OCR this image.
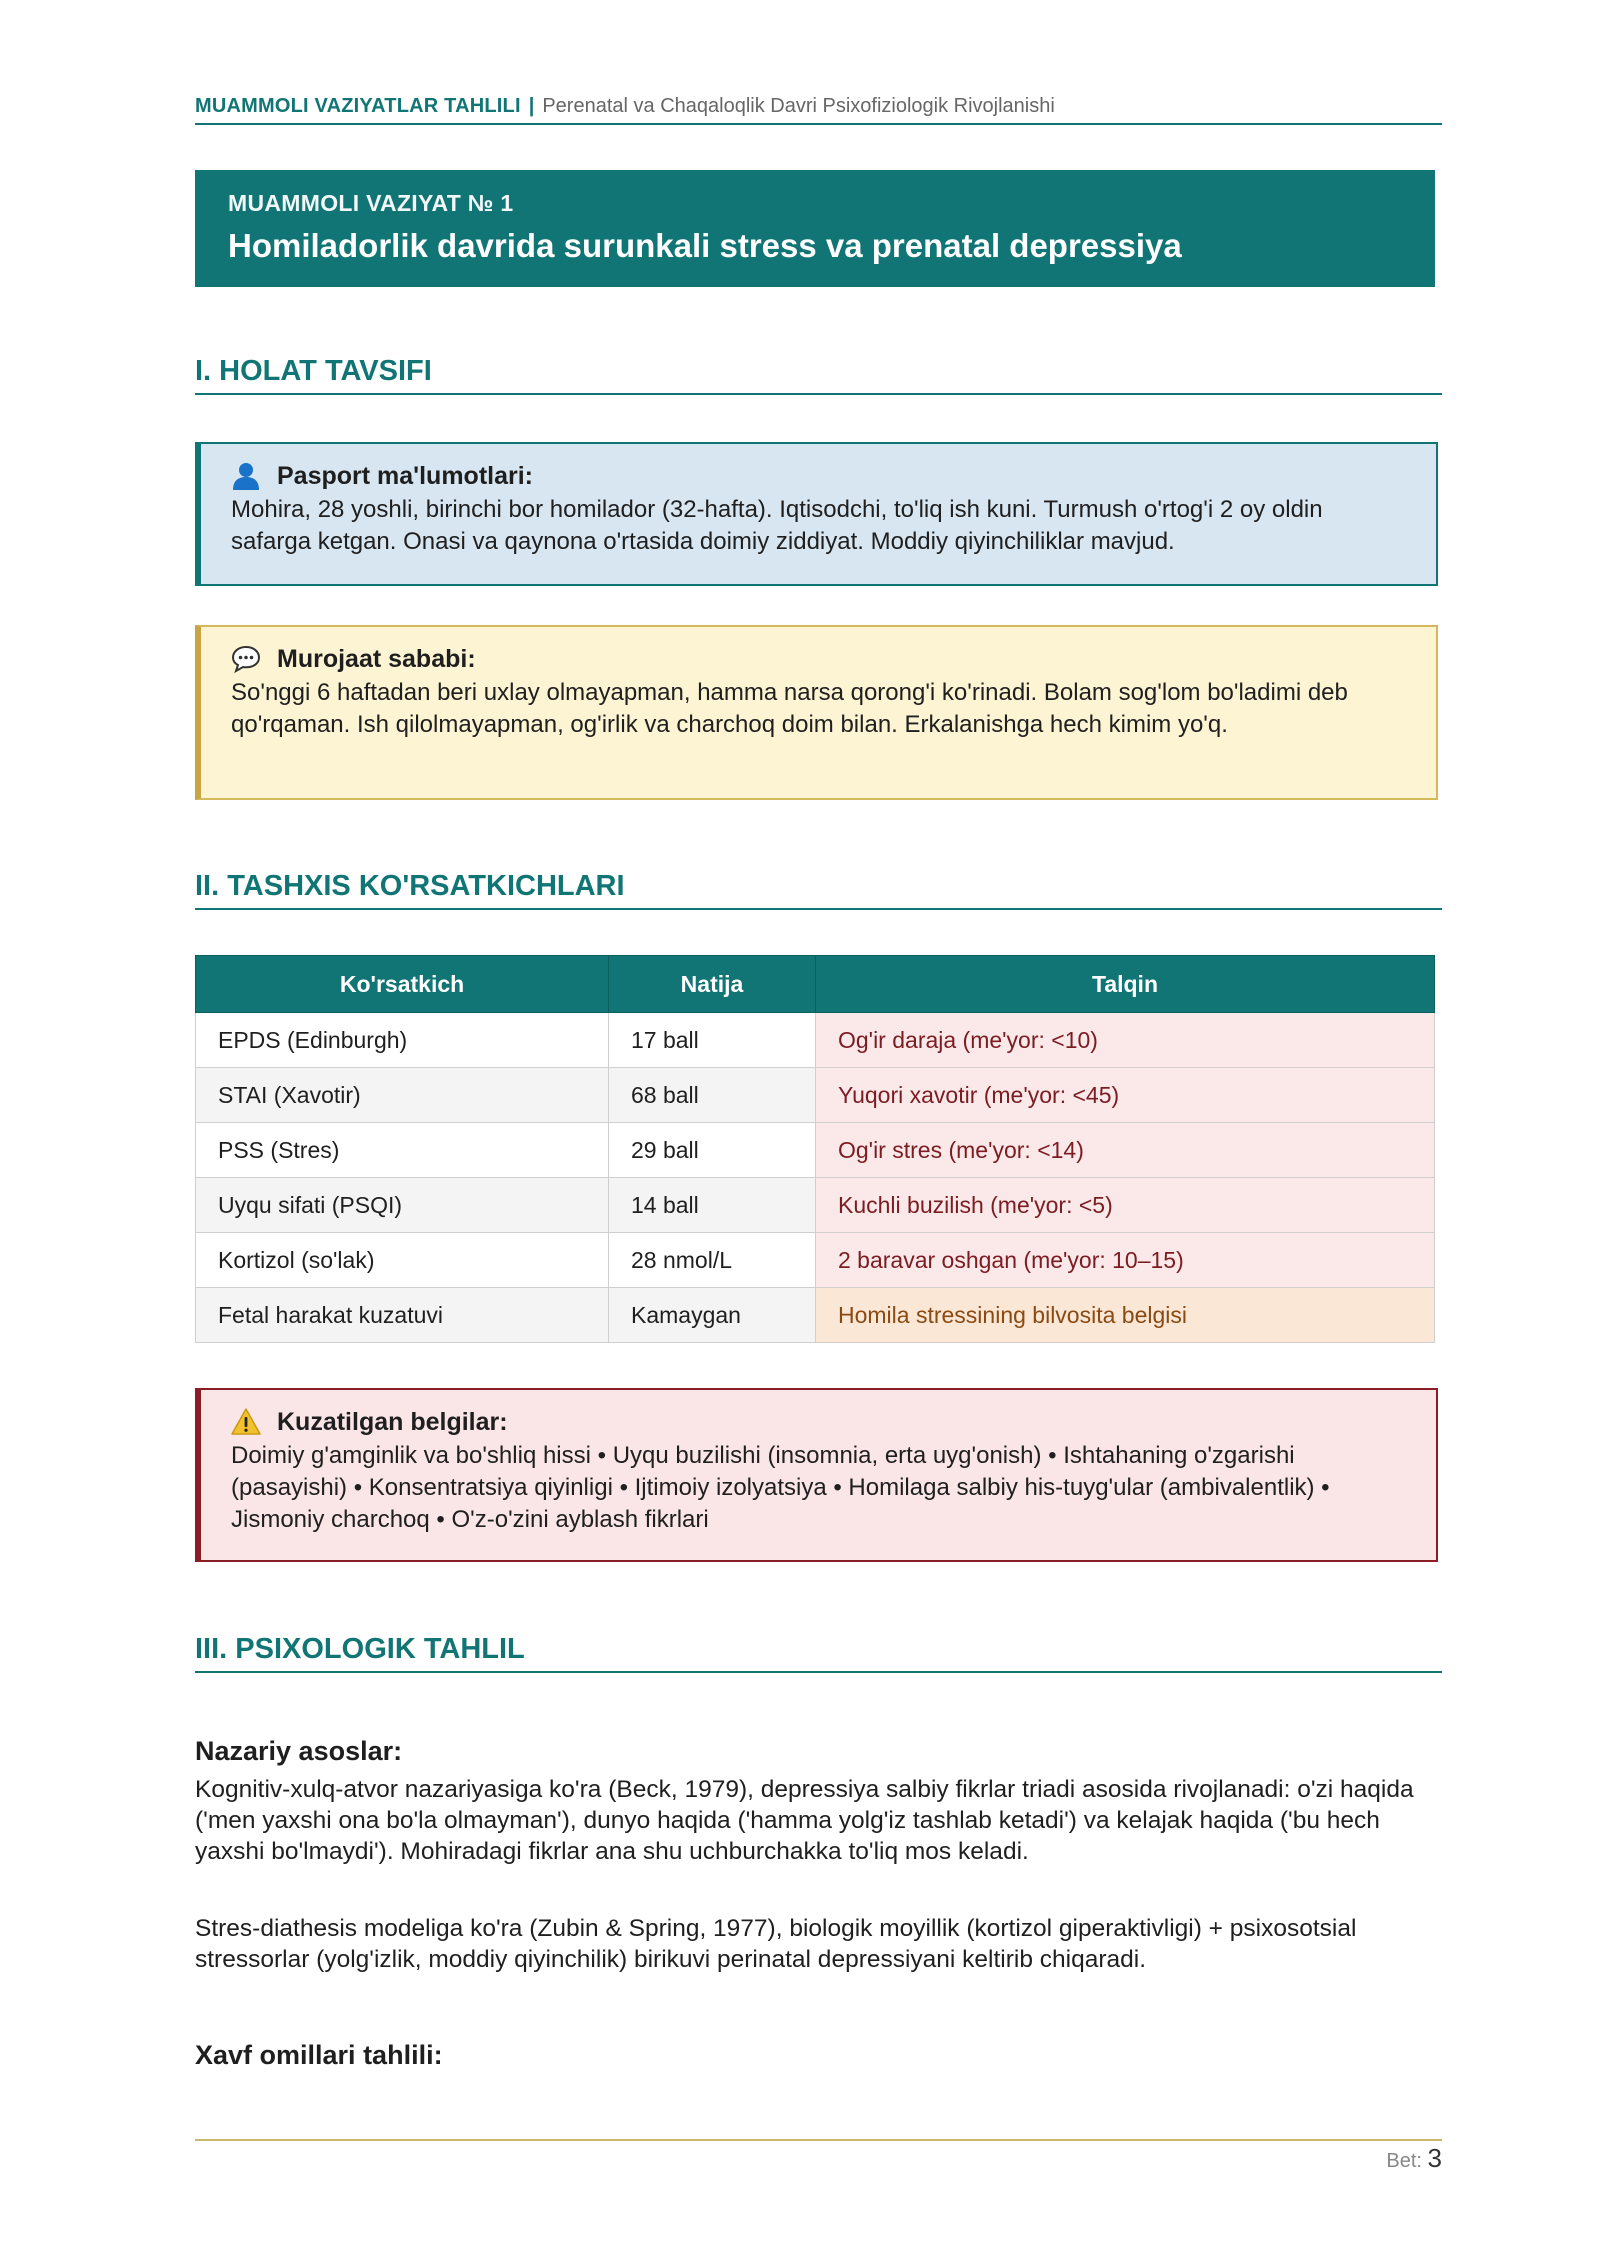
MUAMMOLI VAZIYATLAR TAHLILI | Perenatal va Chaqaloqlik Davri Psixofiziologik Rivojlanishi
MUAMMOLI VAZIYAT № 1
Homiladorlik davrida surunkali stress va prenatal depressiya
I. HOLAT TAVSIFI
Pasport ma'lumotlari:
Mohira, 28 yoshli, birinchi bor homilador (32-hafta). Iqtisodchi, to'liq ish kuni. Turmush o'rtog'i 2 oy oldin safarga ketgan. Onasi va qaynona o'rtasida doimiy ziddiyat. Moddiy qiyinchiliklar mavjud.
Murojaat sababi:
So'nggi 6 haftadan beri uxlay olmayapman, hamma narsa qorong'i ko'rinadi. Bolam sog'lom bo'ladimi deb qo'rqaman. Ish qilolmayapman, og'irlik va charchoq doim bilan. Erkalanishga hech kimim yo'q.
II. TASHXIS KO'RSATKICHLARI
Ko'rsatkich	Natija	Talqin
EPDS (Edinburgh)	17 ball	Og'ir daraja (me'yor: <10)
STAI (Xavotir)	68 ball	Yuqori xavotir (me'yor: <45)
PSS (Stres)	29 ball	Og'ir stres (me'yor: <14)
Uyqu sifati (PSQI)	14 ball	Kuchli buzilish (me'yor: <5)
Kortizol (so'lak)	28 nmol/L	2 baravar oshgan (me'yor: 10–15)
Fetal harakat kuzatuvi	Kamaygan	Homila stressining bilvosita belgisi
Kuzatilgan belgilar:
Doimiy g'amginlik va bo'shliq hissi • Uyqu buzilishi (insomnia, erta uyg'onish) • Ishtahaning o'zgarishi (pasayishi) • Konsentratsiya qiyinligi • Ijtimoiy izolyatsiya • Homilaga salbiy his-tuyg'ular (ambivalentlik) • Jismoniy charchoq • O'z-o'zini ayblash fikrlari
III. PSIXOLOGIK TAHLIL
Nazariy asoslar:
Kognitiv-xulq-atvor nazariyasiga ko'ra (Beck, 1979), depressiya salbiy fikrlar triadi asosida rivojlanadi: o'zi haqida ('men yaxshi ona bo'la olmayman'), dunyo haqida ('hamma yolg'iz tashlab ketadi') va kelajak haqida ('bu hech yaxshi bo'lmaydi'). Mohiradagi fikrlar ana shu uchburchakka to'liq mos keladi.
Stres-diathesis modeliga ko'ra (Zubin & Spring, 1977), biologik moyillik (kortizol giperaktivligi) + psixosotsial stressorlar (yolg'izlik, moddiy qiyinchilik) birikuvi perinatal depressiyani keltirib chiqaradi.
Xavf omillari tahlili:
Bet: 3
